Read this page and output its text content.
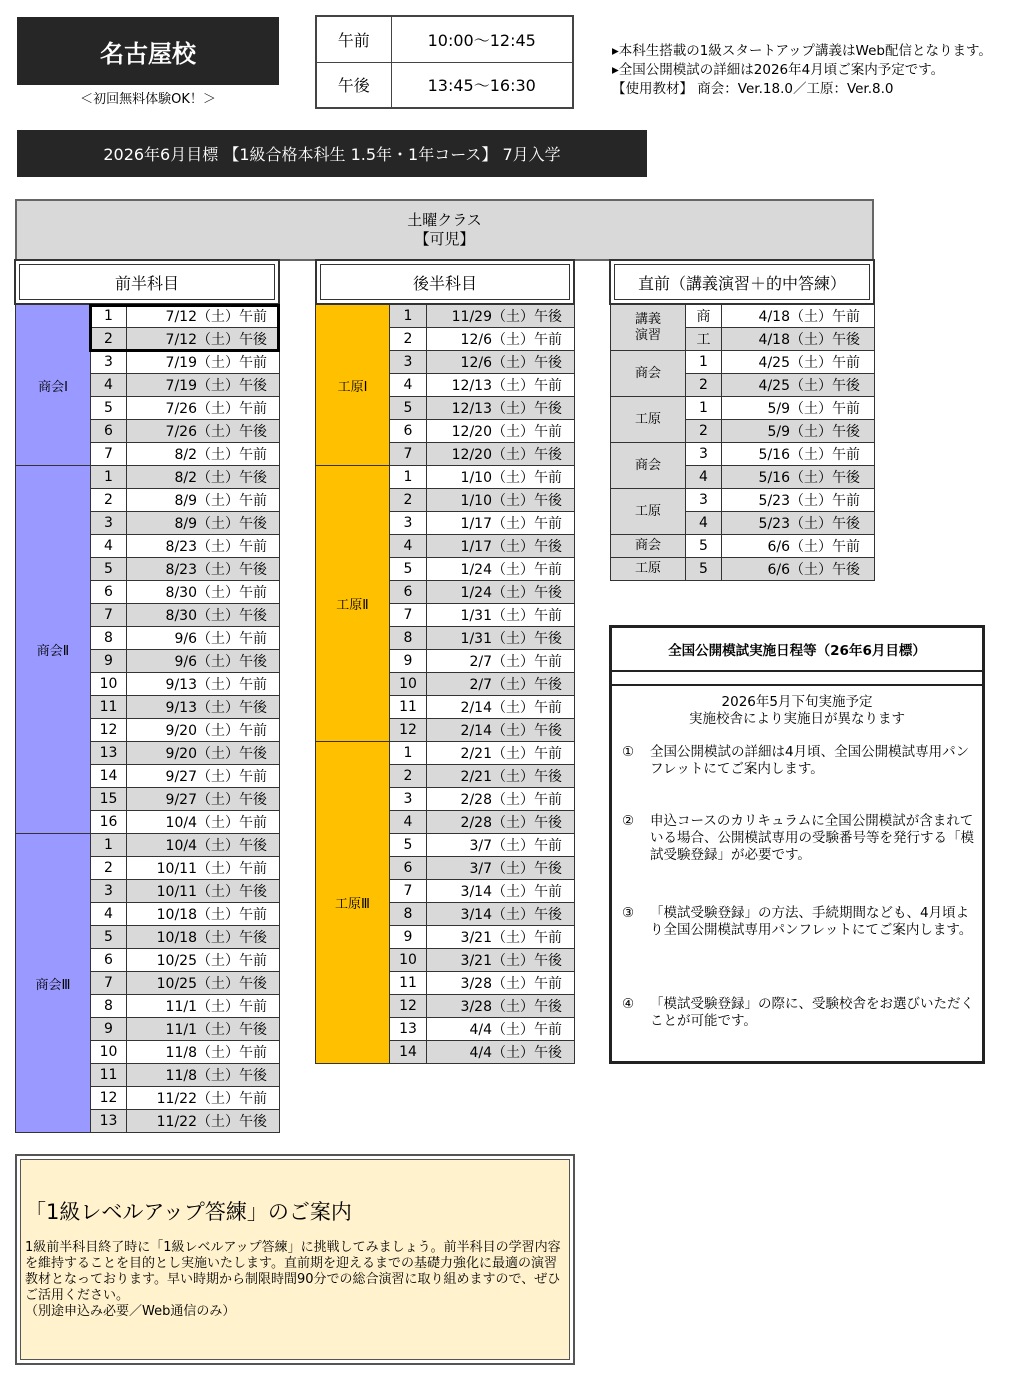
名古屋校
＜初回無料体験OK！＞
午前	10:00〜12:45
午後	13:45〜16:30
▸本科生搭載の1級スタートアップ講義はWeb配信となります。
▸全国公開模試の詳細は2026年4月頃ご案内予定です。
【使用教材】 商会：Ver.18.0／工原：Ver.8.0
2026年6月目標 【1級合格本科生 1.5年・1年コース】 7月入学
土曜クラス
【可児】
前半科目	後半科目	直前（講義演習＋的中答練）
商会Ⅰ	1	7/12（土）午前
	2	7/12（土）午後
	3	7/19（土）午前
	4	7/19（土）午後
	5	7/26（土）午前
	6	7/26（土）午後
	7	8/2（土）午前
商会Ⅱ	1	8/2（土）午後
	2	8/9（土）午前
	3	8/9（土）午後
	4	8/23（土）午前
	5	8/23（土）午後
	6	8/30（土）午前
	7	8/30（土）午後
	8	9/6（土）午前
	9	9/6（土）午後
	10	9/13（土）午前
	11	9/13（土）午後
	12	9/20（土）午前
	13	9/20（土）午後
	14	9/27（土）午前
	15	9/27（土）午後
	16	10/4（土）午前
商会Ⅲ	1	10/4（土）午後
	2	10/11（土）午前
	3	10/11（土）午後
	4	10/18（土）午前
	5	10/18（土）午後
	6	10/25（土）午前
	7	10/25（土）午後
	8	11/1（土）午前
	9	11/1（土）午後
	10	11/8（土）午前
	11	11/8（土）午後
	12	11/22（土）午前
	13	11/22（土）午後
工原Ⅰ	1	11/29（土）午後
	2	12/6（土）午前
	3	12/6（土）午後
	4	12/13（土）午前
	5	12/13（土）午後
	6	12/20（土）午前
	7	12/20（土）午後
工原Ⅱ	1	1/10（土）午前
	2	1/10（土）午後
	3	1/17（土）午前
	4	1/17（土）午後
	5	1/24（土）午前
	6	1/24（土）午後
	7	1/31（土）午前
	8	1/31（土）午後
	9	2/7（土）午前
	10	2/7（土）午後
	11	2/14（土）午前
	12	2/14（土）午後
工原Ⅲ	1	2/21（土）午前
	2	2/21（土）午後
	3	2/28（土）午前
	4	2/28（土）午後
	5	3/7（土）午前
	6	3/7（土）午後
	7	3/14（土）午前
	8	3/14（土）午後
	9	3/21（土）午前
	10	3/21（土）午後
	11	3/28（土）午前
	12	3/28（土）午後
	13	4/4（土）午前
	14	4/4（土）午後
講義
演習	商	4/18（土）午前
	工	4/18（土）午後
商会	1	4/25（土）午前
	2	4/25（土）午後
工原	1	5/9（土）午前
	2	5/9（土）午後
商会	3	5/16（土）午前
	4	5/16（土）午後
工原	3	5/23（土）午前
	4	5/23（土）午後
商会	5	6/6（土）午前
工原	5	6/6（土）午後
全国公開模試実施日程等（26年6月目標）
2026年5月下旬実施予定
実施校舎により実施日が異なります
①	全国公開模試の詳細は4月頃、全国公開模試専用パンフレットにてご案内します。
②	申込コースのカリキュラムに全国公開模試が含まれている場合、公開模試専用の受験番号等を発行する「模試受験登録」が必要です。
③	「模試受験登録」の方法、手続期間なども、4月頃より全国公開模試専用パンフレットにてご案内します。
④	「模試受験登録」の際に、受験校舎をお選びいただくことが可能です。
「1級レベルアップ答練」のご案内
1級前半科目終了時に「1級レベルアップ答練」に挑戦してみましょう。前半科目の学習内容を維持することを目的とし実施いたします。直前期を迎えるまでの基礎力強化に最適の演習教材となっております。早い時期から制限時間90分での総合演習に取り組めますので、ぜひご活用ください。
（別途申込み必要／Web通信のみ）
